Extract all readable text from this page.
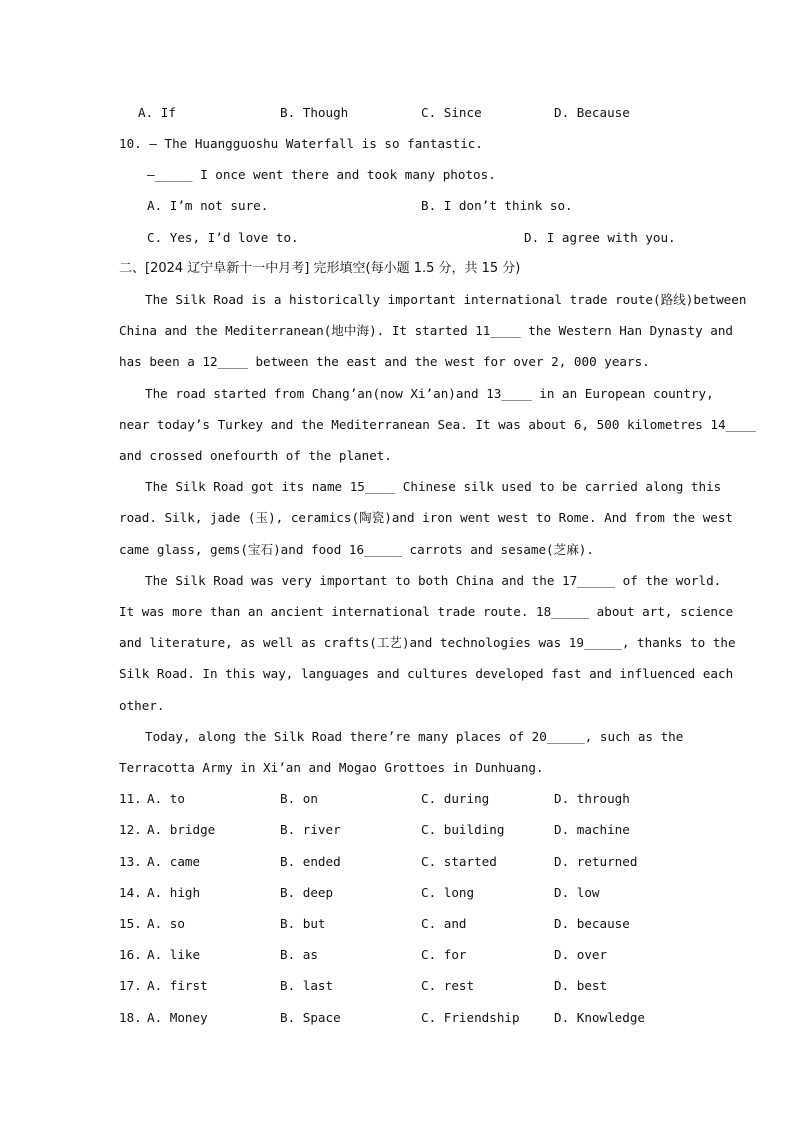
A. If	B. Though	C. Since	D. Because
10. — The Huangguoshu Waterfall is so fantastic.
—_____ I once went there and took many photos.
A. I’m not sure.	B. I don’t think so.
C. Yes, I’d love to.	D. I agree with you.
二、[2024 辽宁阜新十一中月考] 完形填空(每小题 1.5 分，共 15 分)
The Silk Road is a historically important international trade route(路线)between
China and the Mediterranean(地中海). It started 11____ the Western Han Dynasty and
has been a 12____ between the east and the west for over 2, 000 years.
The road started from Chang’an(now Xi’an)and 13____ in an European country,
near today’s Turkey and the Mediterranean Sea. It was about 6, 500 kilometres 14____
and crossed onefourth of the planet.
The Silk Road got its name 15____ Chinese silk used to be carried along this
road. Silk, jade (玉), ceramics(陶瓷)and iron went west to Rome. And from the west
came glass, gems(宝石)and food 16_____ carrots and sesame(芝麻).
The Silk Road was very important to both China and the 17_____ of the world.
It was more than an ancient international trade route. 18_____ about art, science
and literature, as well as crafts(工艺)and technologies was 19_____, thanks to the
Silk Road. In this way, languages and cultures developed fast and influenced each
other.
Today, along the Silk Road there’re many places of 20_____, such as the
Terracotta Army in Xi’an and Mogao Grottoes in Dunhuang.
11. A. to	B. on	C. during	D. through
12. A. bridge	B. river	C. building	D. machine
13. A. came	B. ended	C. started	D. returned
14. A. high	B. deep	C. long	D. low
15. A. so	B. but	C. and	D. because
16. A. like	B. as	C. for	D. over
17. A. first	B. last	C. rest	D. best
18. A. Money	B. Space	C. Friendship	D. Knowledge
